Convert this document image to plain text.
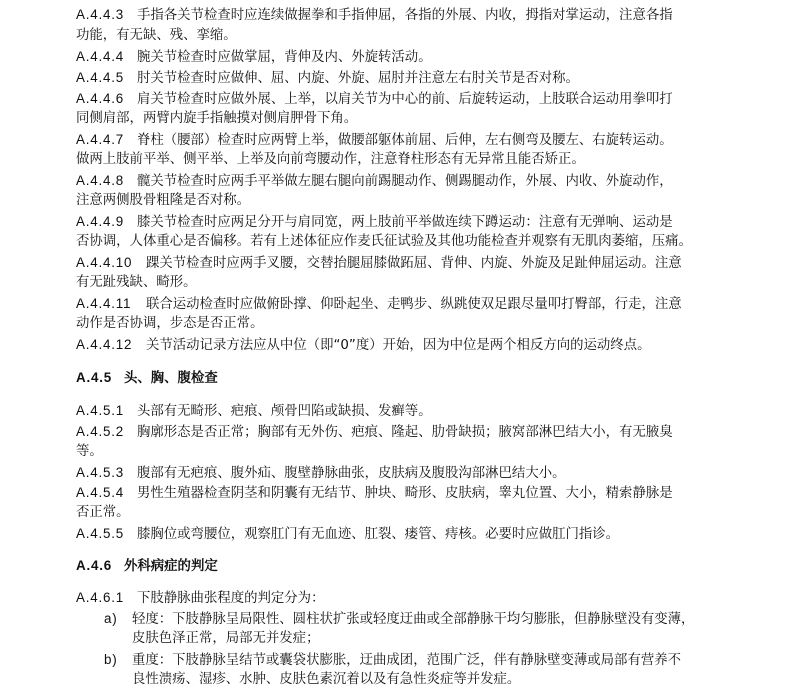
A.4.4.3 手指各关节检查时应连续做握拳和手指伸屈，各指的外展、内收，拇指对掌运动，注意各指
功能，有无缺、残、挛缩。
A.4.4.4 腕关节检查时应做掌屈，背伸及内、外旋转活动。
A.4.4.5 肘关节检查时应做伸、屈、内旋、外旋、屈肘并注意左右肘关节是否对称。
A.4.4.6 肩关节检查时应做外展、上举，以肩关节为中心的前、后旋转运动，上肢联合运动用拳叩打
同侧肩部，两臂内旋手指触摸对侧肩胛骨下角。
A.4.4.7 脊柱（腰部）检查时应两臂上举，做腰部躯体前屈、后伸，左右侧弯及腰左、右旋转运动。
做两上肢前平举、侧平举、上举及向前弯腰动作，注意脊柱形态有无异常且能否矫正。
A.4.4.8 髋关节检查时应两手平举做左腿右腿向前踢腿动作、侧踢腿动作，外展、内收、外旋动作，
注意两侧股骨粗隆是否对称。
A.4.4.9 膝关节检查时应两足分开与肩同宽，两上肢前平举做连续下蹲运动：注意有无弹响、运动是
否协调，人体重心是否偏移。若有上述体征应作麦氏征试验及其他功能检查并观察有无肌肉萎缩，压痛。
A.4.4.10 踝关节检查时应两手叉腰，交替抬腿屈膝做跖屈、背伸、内旋、外旋及足趾伸屈运动。注意
有无趾残缺、畸形。
A.4.4.11 联合运动检查时应做俯卧撑、仰卧起坐、走鸭步、纵跳使双足跟尽量叩打臀部，行走，注意
动作是否协调，步态是否正常。
A.4.4.12 关节活动记录方法应从中位（即“0”度）开始，因为中位是两个相反方向的运动终点。
A.4.5 头、胸、腹检查
A.4.5.1 头部有无畸形、疤痕、颅骨凹陷或缺损、发癣等。
A.4.5.2 胸廓形态是否正常；胸部有无外伤、疤痕、隆起、肋骨缺损；腋窝部淋巴结大小，有无腋臭
等。
A.4.5.3 腹部有无疤痕、腹外疝、腹壁静脉曲张，皮肤病及腹股沟部淋巴结大小。
A.4.5.4 男性生殖器检查阴茎和阴囊有无结节、肿块、畸形、皮肤病，睾丸位置、大小，精索静脉是
否正常。
A.4.5.5 膝胸位或弯腰位，观察肛门有无血迹、肛裂、瘘管、痔核。必要时应做肛门指诊。
A.4.6 外科病症的判定
A.4.6.1 下肢静脉曲张程度的判定分为：
a) 轻度：下肢静脉呈局限性、圆柱状扩张或轻度迂曲或全部静脉干均匀膨胀，但静脉壁没有变薄，
皮肤色泽正常，局部无并发症；
b) 重度：下肢静脉呈结节或囊袋状膨胀，迂曲成团，范围广泛，伴有静脉壁变薄或局部有营养不
良性溃疡、湿疹、水肿、皮肤色素沉着以及有急性炎症等并发症。
